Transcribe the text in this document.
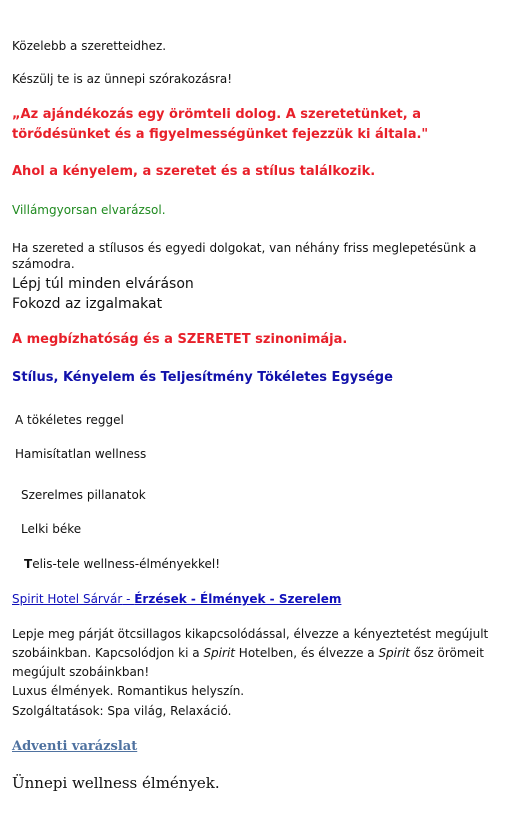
Közelebb a szeretteidhez.

Készülj te is az ünnepi szórakozásra!

„Az ajándékozás egy örömteli dolog. A szeretetünket, a törődésünket és a figyelmességünket fejezzük ki általa."

Ahol a kényelem, a szeretet és a stílus találkozik.

Villámgyorsan elvarázsol.

Ha szereted a stílusos és egyedi dolgokat, van néhány friss meglepetésünk a számodra.

Lépj túl minden elváráson

Fokozd az izgalmakat

A megbízhatóság és a SZERETET szinonimája.

Stílus, Kényelem és Teljesítmény Tökéletes Egysége

A tökéletes reggel

Hamisítatlan wellness

Szerelmes pillanatok

Lelki béke

Telis-tele wellness-élményekkel!

Spirit Hotel Sárvár - Érzések - Élmények - Szerelem

Lepje meg párját ötcsillagos kikapcsolódással, élvezze a kényeztetést megújult szobáinkban. Kapcsolódjon ki a Spirit Hotelben, és élvezze a Spirit ősz örömeit megújult szobáinkban!

Luxus élmények. Romantikus helyszín.

Szolgáltatások: Spa világ, Relaxáció.

Adventi varázslat

Ünnepi wellness élmények.
